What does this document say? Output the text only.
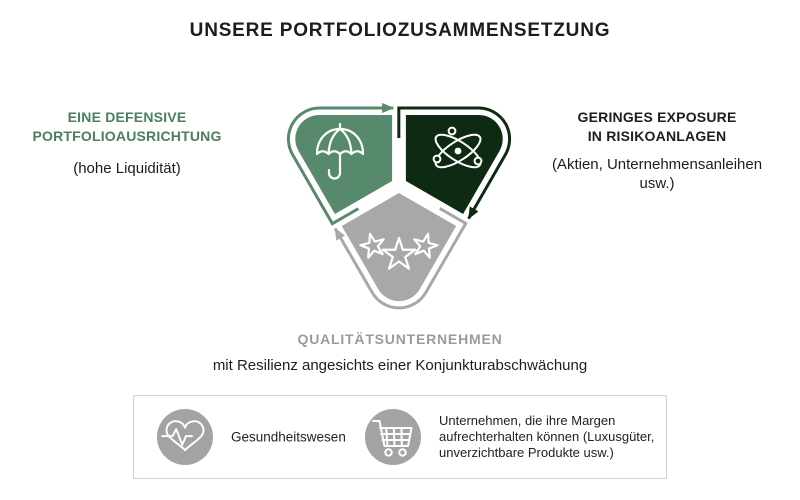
UNSERE PORTFOLIOZUSAMMENSETZUNG
EINE DEFENSIVE
PORTFOLIOAUSRICHTUNG
(hohe Liquidität)
GERINGES EXPOSURE
IN RISIKOANLAGEN
(Aktien, Unternehmensanleihen usw.)
QUALITÄTSUNTERNEHMEN
mit Resilienz angesichts einer Konjunkturabschwächung
Gesundheitswesen
Unternehmen, die ihre Margen aufrechterhalten können (Luxusgüter, unverzichtbare Produkte usw.)
